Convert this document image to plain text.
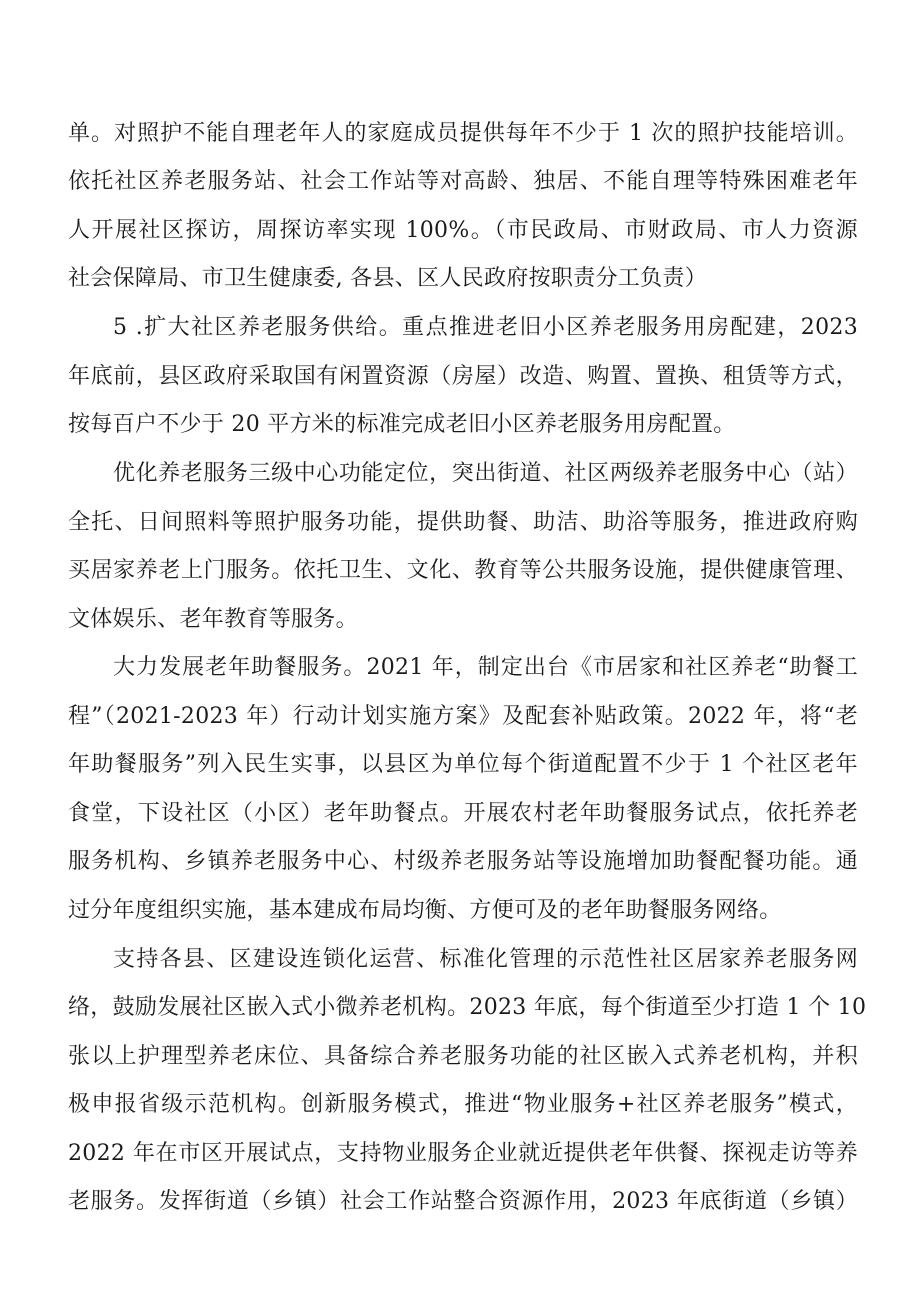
单。对照护不能自理老年人的家庭成员提供每年不少于 1 次的照护技能培训。
依托社区养老服务站、社会工作站等对高龄、独居、不能自理等特殊困难老年
人开展社区探访，周探访率实现 100%。（市民政局、市财政局、市人力资源
社会保障局、市卫生健康委, 各县、区人民政府按职责分工负责）
5 .扩大社区养老服务供给。重点推进老旧小区养老服务用房配建，2023
年底前，县区政府采取国有闲置资源（房屋）改造、购置、置换、租赁等方式，
按每百户不少于 20 平方米的标准完成老旧小区养老服务用房配置。
优化养老服务三级中心功能定位，突出街道、社区两级养老服务中心（站）
全托、日间照料等照护服务功能，提供助餐、助洁、助浴等服务，推进政府购
买居家养老上门服务。依托卫生、文化、教育等公共服务设施，提供健康管理、
文体娱乐、老年教育等服务。
大力发展老年助餐服务。2021 年，制定出台《市居家和社区养老“助餐工
程”（2021-2023 年）行动计划实施方案》及配套补贴政策。2022 年，将“老
年助餐服务”列入民生实事，以县区为单位每个街道配置不少于 1 个社区老年
食堂，下设社区（小区）老年助餐点。开展农村老年助餐服务试点，依托养老
服务机构、乡镇养老服务中心、村级养老服务站等设施增加助餐配餐功能。通
过分年度组织实施，基本建成布局均衡、方便可及的老年助餐服务网络。
支持各县、区建设连锁化运营、标准化管理的示范性社区居家养老服务网
络，鼓励发展社区嵌入式小微养老机构。2023 年底，每个街道至少打造 1 个 10
张以上护理型养老床位、具备综合养老服务功能的社区嵌入式养老机构，并积
极申报省级示范机构。创新服务模式，推进“物业服务+社区养老服务”模式，
2022 年在市区开展试点，支持物业服务企业就近提供老年供餐、探视走访等养
老服务。发挥街道（乡镇）社会工作站整合资源作用，2023 年底街道（乡镇）
